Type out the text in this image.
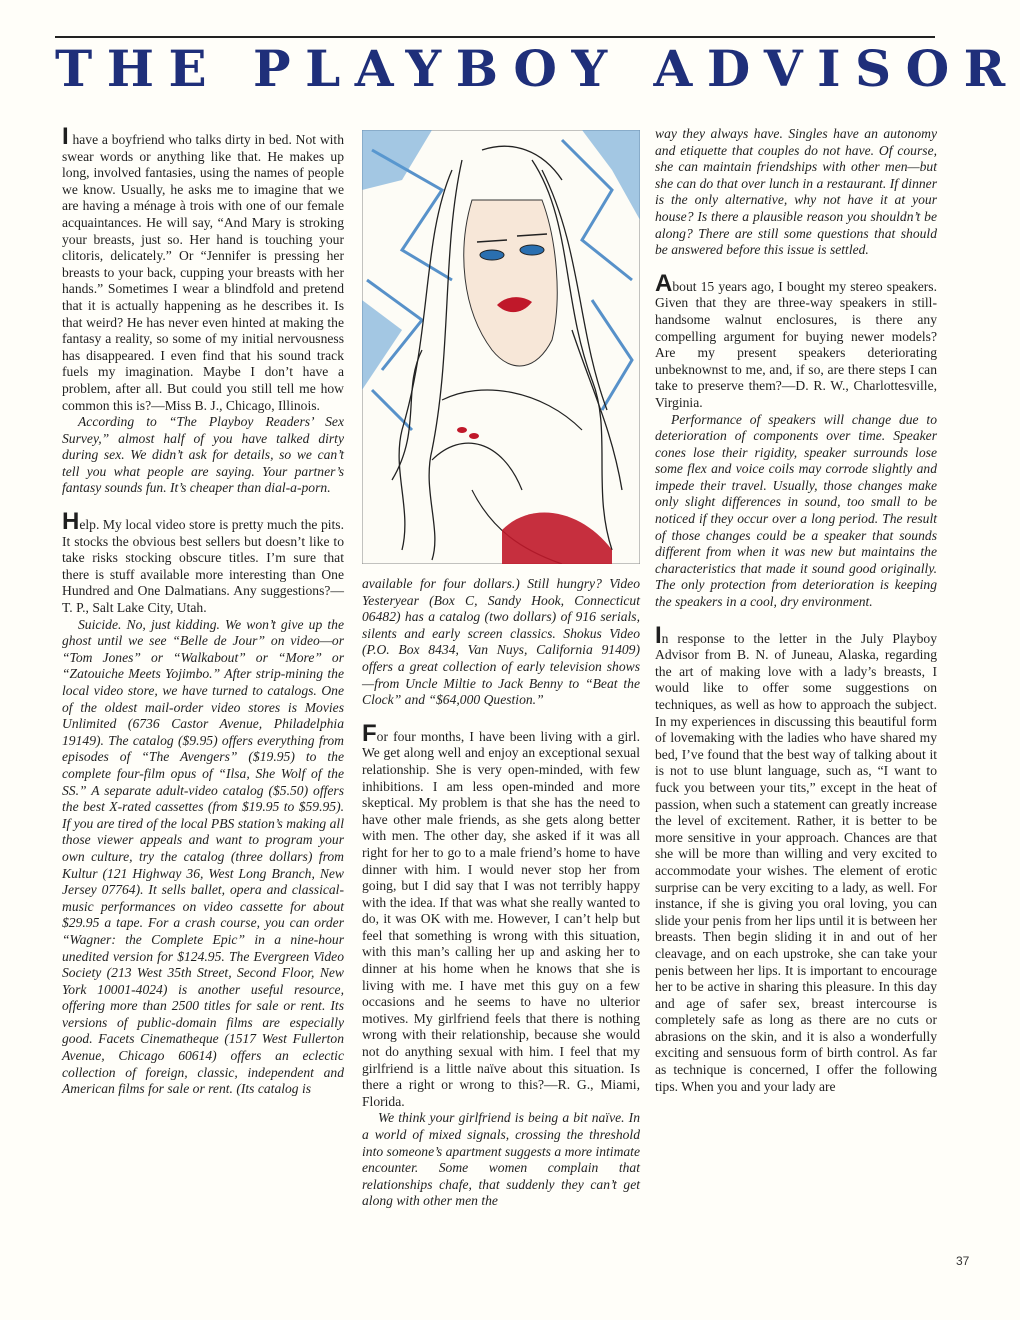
THE PLAYBOY ADVISOR

I have a boyfriend who talks dirty in bed. Not with swear words or anything like that. He makes up long, involved fantasies, using the names of people we know. Usually, he asks me to imagine that we are having a ménage à trois with one of our female acquaintances. He will say, “And Mary is stroking your breasts, just so. Her hand is touching your clitoris, delicately.” Or “Jennifer is pressing her breasts to your back, cupping your breasts with her hands.” Sometimes I wear a blindfold and pretend that it is actually happening as he describes it. Is that weird? He has never even hinted at making the fantasy a reality, so some of my initial nervousness has disappeared. I even find that his sound track fuels my imagination. Maybe I don’t have a problem, after all. But could you still tell me how common this is?—Miss B. J., Chicago, Illinois.

According to “The Playboy Readers’ Sex Survey,” almost half of you have talked dirty during sex. We didn’t ask for details, so we can’t tell you what people are saying. Your partner’s fantasy sounds fun. It’s cheaper than dial-a-porn.

Help. My local video store is pretty much the pits. It stocks the obvious best sellers but doesn’t like to take risks stocking obscure titles. I’m sure that there is stuff available more interesting than One Hundred and One Dalmatians. Any suggestions?—T. P., Salt Lake City, Utah.

Suicide. No, just kidding. We won’t give up the ghost until we see “Belle de Jour” on video—or “Tom Jones” or “Walkabout” or “More” or “Zatouiche Meets Yojimbo.” After strip-mining the local video store, we have turned to catalogs. One of the oldest mail-order video stores is Movies Unlimited (6736 Castor Avenue, Philadelphia 19149). The catalog ($9.95) offers everything from episodes of “The Avengers” ($19.95) to the complete four-film opus of “Ilsa, She Wolf of the SS.” A separate adult-video catalog ($5.50) offers the best X-rated cassettes (from $19.95 to $59.95). If you are tired of the local PBS station’s making all those viewer appeals and want to program your own culture, try the catalog (three dollars) from Kultur (121 Highway 36, West Long Branch, New Jersey 07764). It sells ballet, opera and classical-music performances on video cassette for about $29.95 a tape. For a crash course, you can order “Wagner: the Complete Epic” in a nine-hour unedited version for $124.95. The Evergreen Video Society (213 West 35th Street, Second Floor, New York 10001-4024) is another useful resource, offering more than 2500 titles for sale or rent. Its versions of public-domain films are especially good. Facets Cinematheque (1517 West Fullerton Avenue, Chicago 60614) offers an eclectic collection of foreign, classic, independent and American films for sale or rent. (Its catalog is

available for four dollars.) Still hungry? Video Yesteryear (Box C, Sandy Hook, Connecticut 06482) has a catalog (two dollars) of 916 serials, silents and early screen classics. Shokus Video (P.O. Box 8434, Van Nuys, California 91409) offers a great collection of early television shows—from Uncle Miltie to Jack Benny to “Beat the Clock” and “$64,000 Question.”

For four months, I have been living with a girl. We get along well and enjoy an exceptional sexual relationship. She is very open-minded, with few inhibitions. I am less open-minded and more skeptical. My problem is that she has the need to have other male friends, as she gets along better with men. The other day, she asked if it was all right for her to go to a male friend’s home to have dinner with him. I would never stop her from going, but I did say that I was not terribly happy with the idea. If that was what she really wanted to do, it was OK with me. However, I can’t help but feel that something is wrong with this situation, with this man’s calling her up and asking her to dinner at his home when he knows that she is living with me. I have met this guy on a few occasions and he seems to have no ulterior motives. My girlfriend feels that there is nothing wrong with their relationship, because she would not do anything sexual with him. I feel that my girlfriend is a little naïve about this situation. Is there a right or wrong to this?—R. G., Miami, Florida.

We think your girlfriend is being a bit naïve. In a world of mixed signals, crossing the threshold into someone’s apartment suggests a more intimate encounter. Some women complain that relationships chafe, that suddenly they can’t get along with other men the

way they always have. Singles have an autonomy and etiquette that couples do not have. Of course, she can maintain friendships with other men—but she can do that over lunch in a restaurant. If dinner is the only alternative, why not have it at your house? Is there a plausible reason you shouldn’t be along? There are still some questions that should be answered before this issue is settled.

About 15 years ago, I bought my stereo speakers. Given that they are three-way speakers in still-handsome walnut enclosures, is there any compelling argument for buying newer models? Are my present speakers deteriorating unbeknownst to me, and, if so, are there steps I can take to preserve them?—D. R. W., Charlottesville, Virginia.

Performance of speakers will change due to deterioration of components over time. Speaker cones lose their rigidity, speaker surrounds lose some flex and voice coils may corrode slightly and impede their travel. Usually, those changes make only slight differences in sound, too small to be noticed if they occur over a long period. The result of those changes could be a speaker that sounds different from when it was new but maintains the characteristics that made it sound good originally. The only protection from deterioration is keeping the speakers in a cool, dry environment.

In response to the letter in the July Playboy Advisor from B. N. of Juneau, Alaska, regarding the art of making love with a lady’s breasts, I would like to offer some suggestions on techniques, as well as how to approach the subject. In my experiences in discussing this beautiful form of lovemaking with the ladies who have shared my bed, I’ve found that the best way of talking about it is not to use blunt language, such as, “I want to fuck you between your tits,” except in the heat of passion, when such a statement can greatly increase the level of excitement. Rather, it is better to be more sensitive in your approach. Chances are that she will be more than willing and very excited to accommodate your wishes. The element of erotic surprise can be very exciting to a lady, as well. For instance, if she is giving you oral loving, you can slide your penis from her lips until it is between her breasts. Then begin sliding it in and out of her cleavage, and on each upstroke, she can take your penis between her lips. It is important to encourage her to be active in sharing this pleasure. In this day and age of safer sex, breast intercourse is completely safe as long as there are no cuts or abrasions on the skin, and it is also a wonderfully exciting and sensuous form of birth control. As far as technique is concerned, I offer the following tips. When you and your lady are

37
